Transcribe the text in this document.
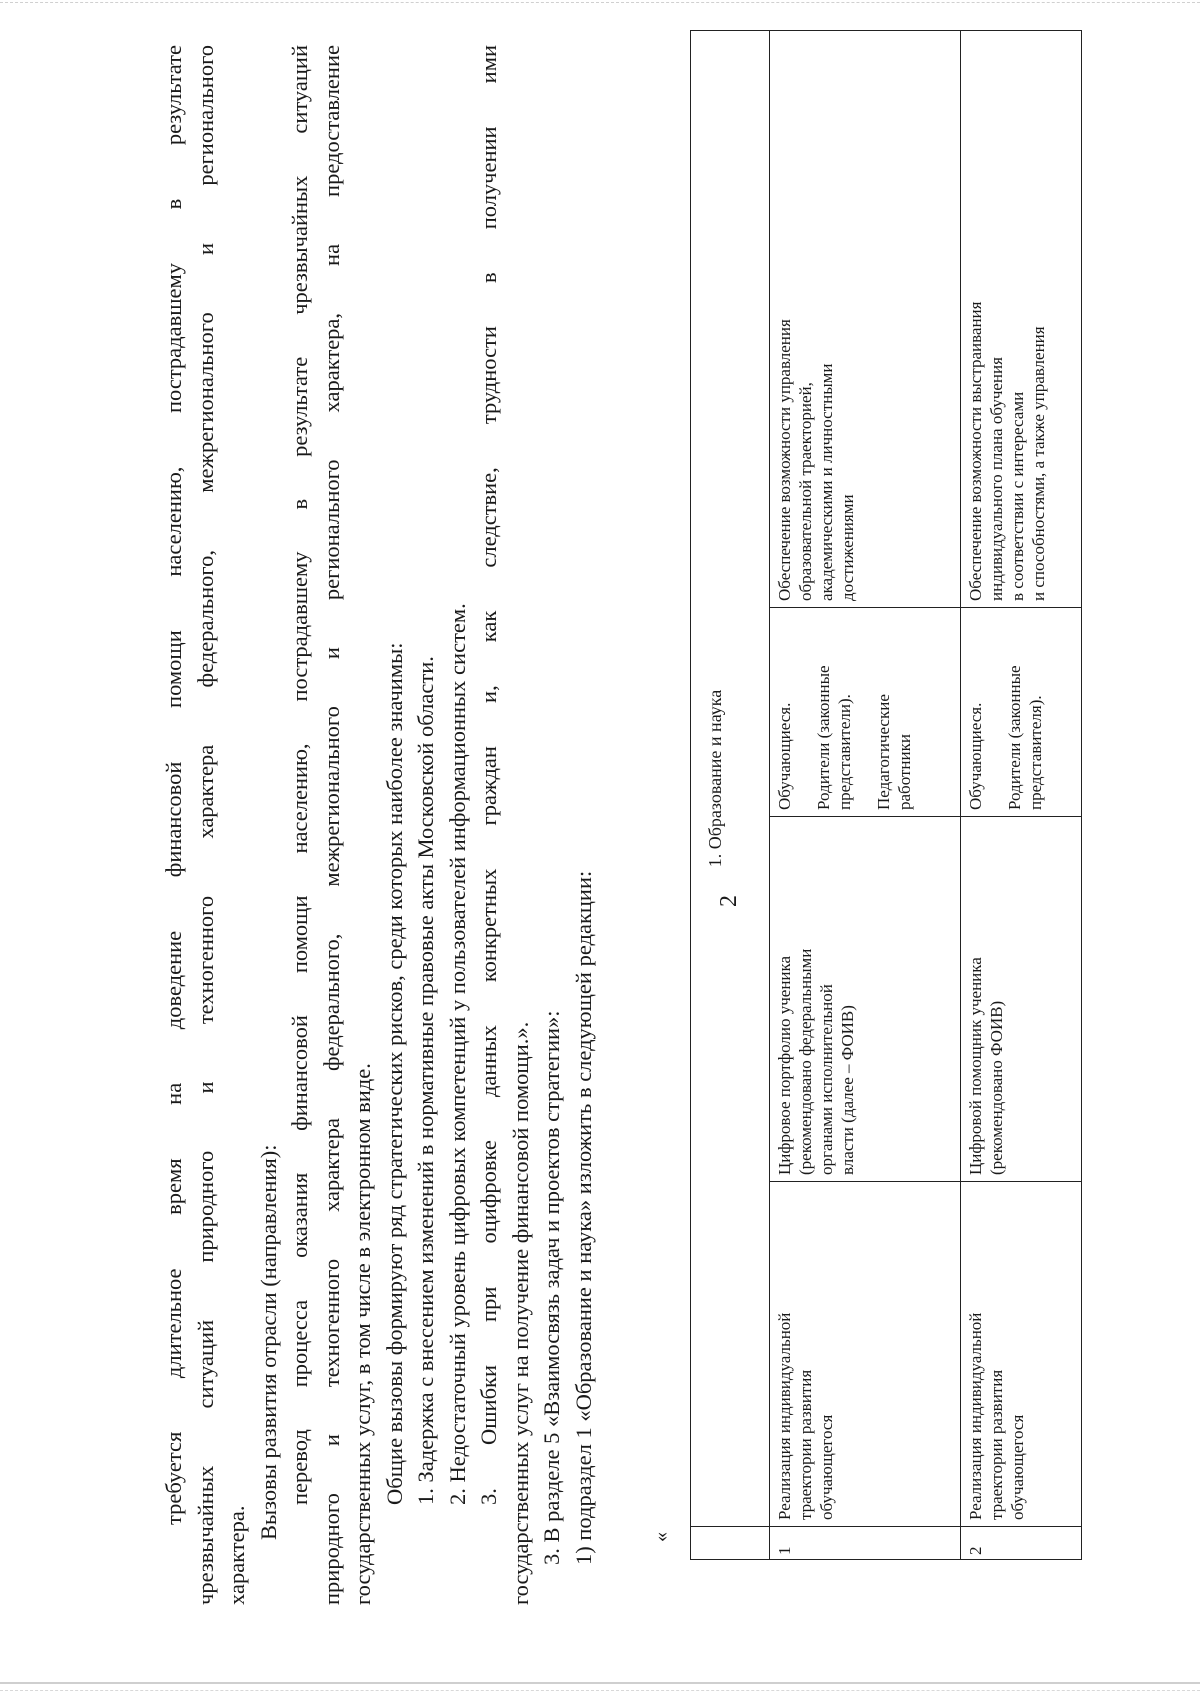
2

требуется длительное время на доведение финансовой помощи населению, пострадавшему в результате чрезвычайных ситуаций природного и техногенного характера федерального, межрегионального и регионального характера.

Вызовы развития отрасли (направления): перевод процесса оказания финансовой помощи населению, пострадавшему в результате чрезвычайных ситуаций природного и техногенного характера федерального, межрегионального и регионального характера, на предоставление государственных услуг, в том числе в электронном виде. Общие вызовы формируют ряд стратегических рисков, среди которых наиболее значимы: 1. Задержка с внесением изменений в нормативные правовые акты Московской области. 2. Недостаточный уровень цифровых компетенций у пользователей информационных систем. 3. Ошибки при оцифровке данных конкретных граждан и, как следствие, трудности в получении ими государственных услуг на получение финансовой помощи.». 3. В разделе 5 «Взаимосвязь задач и проектов стратегии»: 1) подраздел 1 «Образование и наука» изложить в следующей редакции:	«

	1. Образование и наука			

1	Реализация индивидуальной траектории развития обучающегося	Цифровое портфолио ученика (рекомендовано федеральными органами исполнительной власти (далее – ФОИВ)	Обучающиеся. Родители (законные представители). Педагогические работники	Обеспечение возможности управления образовательной траекторией, академическими и личностными достижениями

2	Реализация индивидуальной траектории развития обучающегося	Цифровой помощник ученика (рекомендовано ФОИВ)	Обучающиеся. Родители (законные представителя).	Обеспечение возможности выстраивания индивидуального плана обучения в соответствии с интересами и способностями, а также управления
